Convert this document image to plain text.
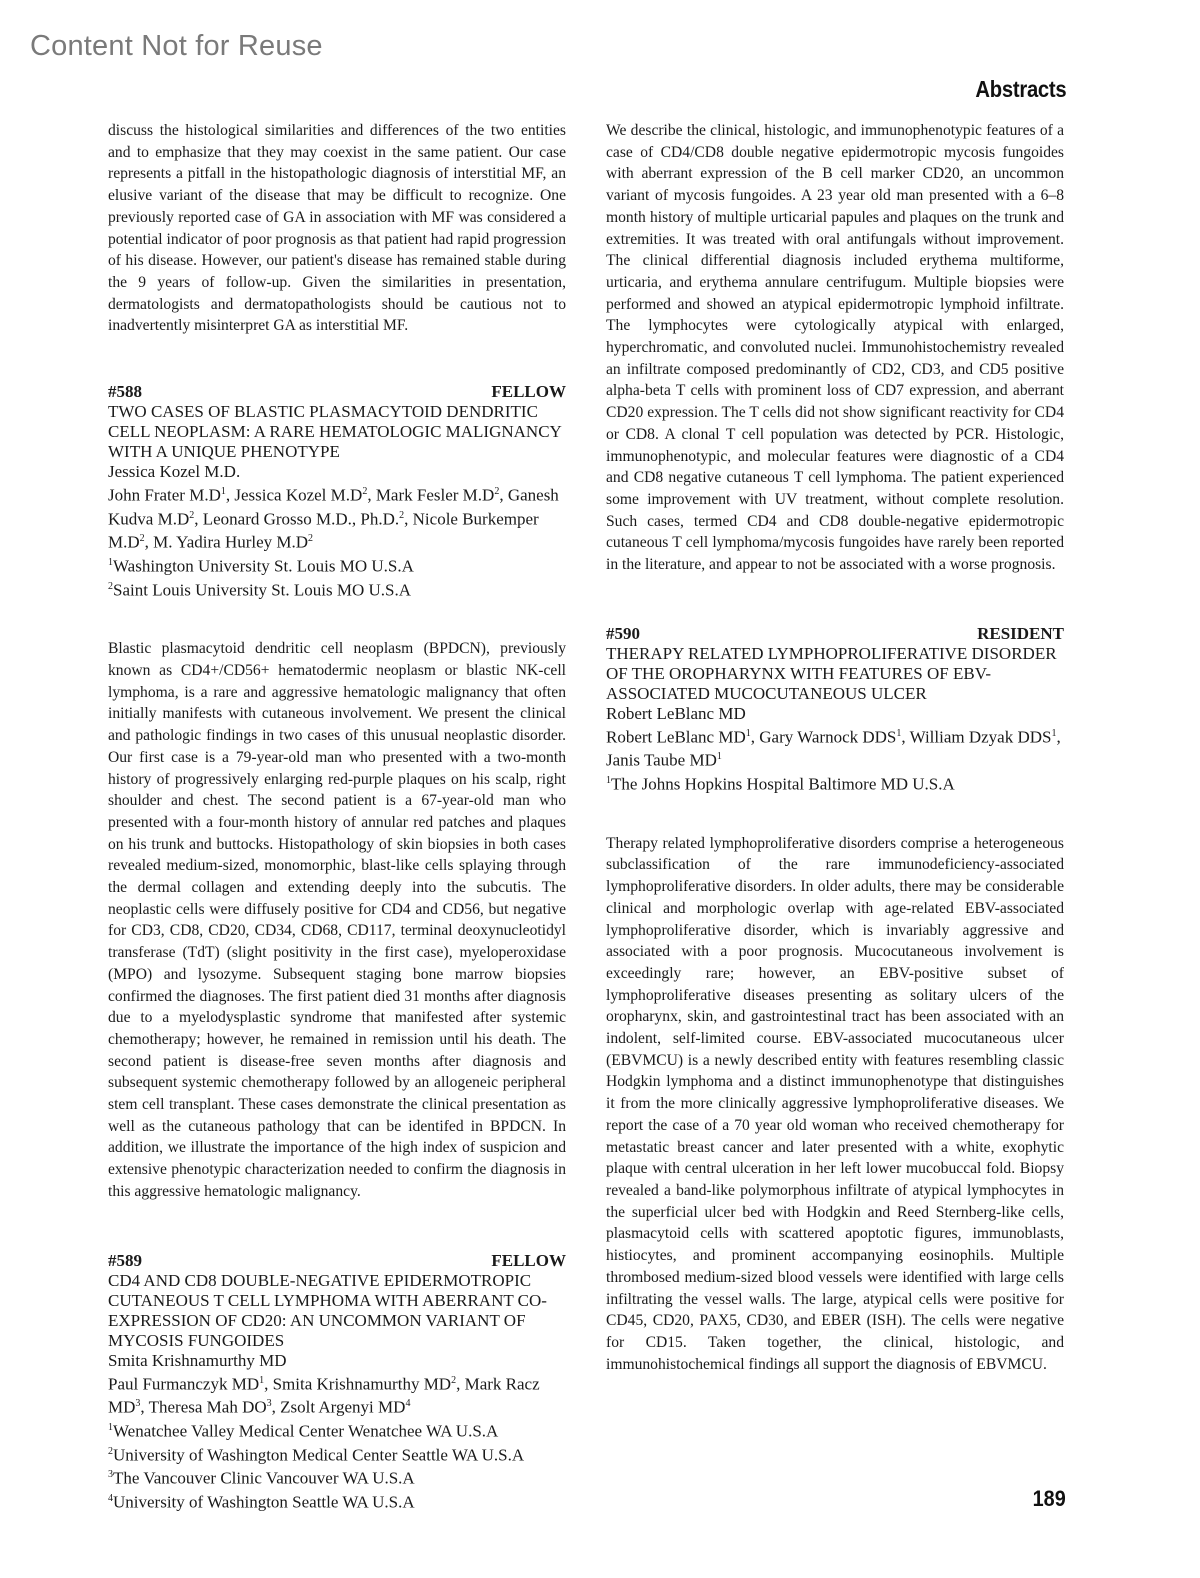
Content Not for Reuse
Abstracts

discuss the histological similarities and differences of the two entities and to emphasize that they may coexist in the same patient. Our case represents a pitfall in the histopathologic diagnosis of interstitial MF, an elusive variant of the disease that may be difficult to recognize. One previously reported case of GA in association with MF was considered a potential indicator of poor prognosis as that patient had rapid progression of his disease. However, our patient's disease has remained stable during the 9 years of follow-up. Given the similarities in presentation, dermatologists and dermatopathologists should be cautious not to inadvertently misinterpret GA as interstitial MF.

#588	FELLOW

TWO CASES OF BLASTIC PLASMACYTOID DENDRITIC CELL NEOPLASM: A RARE HEMATOLOGIC MALIGNANCY WITH A UNIQUE PHENOTYPE

Jessica Kozel M.D.

John Frater $M.D^1$, Jessica Kozel $M.D^2$, Mark Fesler $M.D^2$, Ganesh Kudva $M.D^2$, Leonard Grosso M.D., Ph.D.$^2$, Nicole Burkemper $M.D^2$, M. Yadira Hurley $M.D^2$

$^1$Washington University St. Louis MO U.S.A

$^2$Saint Louis University St. Louis MO U.S.A

Blastic plasmacytoid dendritic cell neoplasm (BPDCN), previously known as CD4+/CD56+ hematodermic neoplasm or blastic NK-cell lymphoma, is a rare and aggressive hematologic malignancy that often initially manifests with cutaneous involvement. We present the clinical and pathologic findings in two cases of this unusual neoplastic disorder. Our first case is a 79-year-old man who presented with a two-month history of progressively enlarging red-purple plaques on his scalp, right shoulder and chest. The second patient is a 67-year-old man who presented with a four-month history of annular red patches and plaques on his trunk and buttocks. Histopathology of skin biopsies in both cases revealed medium-sized, monomorphic, blast-like cells splaying through the dermal collagen and extending deeply into the subcutis. The neoplastic cells were diffusely positive for CD4 and CD56, but negative for CD3, CD8, CD20, CD34, CD68, CD117, terminal deoxynucleotidyl transferase (TdT) (slight positivity in the first case), myeloperoxidase (MPO) and lysozyme. Subsequent staging bone marrow biopsies confirmed the diagnoses. The first patient died 31 months after diagnosis due to a myelodysplastic syndrome that manifested after systemic chemotherapy; however, he remained in remission until his death. The second patient is disease-free seven months after diagnosis and subsequent systemic chemotherapy followed by an allogeneic peripheral stem cell transplant. These cases demonstrate the clinical presentation as well as the cutaneous pathology that can be identifed in BPDCN. In addition, we illustrate the importance of the high index of suspicion and extensive phenotypic characterization needed to confirm the diagnosis in this aggressive hematologic malignancy.

#589	FELLOW

CD4 AND CD8 DOUBLE-NEGATIVE EPIDERMOTROPIC CUTANEOUS T CELL LYMPHOMA WITH ABERRANT CO-EXPRESSION OF CD20: AN UNCOMMON VARIANT OF MYCOSIS FUNGOIDES

Smita Krishnamurthy MD

Paul Furmanczyk $MD^1$, Smita Krishnamurthy $MD^2$, Mark Racz $MD^3$, Theresa Mah $DO^3$, Zsolt Argenyi $MD^4$

$^1$Wenatchee Valley Medical Center Wenatchee WA U.S.A

$^2$University of Washington Medical Center Seattle WA U.S.A

$^3$The Vancouver Clinic Vancouver WA U.S.A

$^4$University of Washington Seattle WA U.S.A

We describe the clinical, histologic, and immunophenotypic features of a case of CD4/CD8 double negative epidermotropic mycosis fungoides with aberrant expression of the B cell marker CD20, an uncommon variant of mycosis fungoides. A 23 year old man presented with a 6–8 month history of multiple urticarial papules and plaques on the trunk and extremities. It was treated with oral antifungals without improvement. The clinical differential diagnosis included erythema multiforme, urticaria, and erythema annulare centrifugum. Multiple biopsies were performed and showed an atypical epidermotropic lymphoid infiltrate. The lymphocytes were cytologically atypical with enlarged, hyperchromatic, and convoluted nuclei. Immunohistochemistry revealed an infiltrate composed predominantly of CD2, CD3, and CD5 positive alpha-beta T cells with prominent loss of CD7 expression, and aberrant CD20 expression. The T cells did not show significant reactivity for CD4 or CD8. A clonal T cell population was detected by PCR. Histologic, immunophenotypic, and molecular features were diagnostic of a CD4 and CD8 negative cutaneous T cell lymphoma. The patient experienced some improvement with UV treatment, without complete resolution. Such cases, termed CD4 and CD8 double-negative epidermotropic cutaneous T cell lymphoma/mycosis fungoides have rarely been reported in the literature, and appear to not be associated with a worse prognosis.

#590	RESIDENT

THERAPY RELATED LYMPHOPROLIFERATIVE DISORDER OF THE OROPHARYNX WITH FEATURES OF EBV-ASSOCIATED MUCOCUTANEOUS ULCER

Robert LeBlanc MD

Robert LeBlanc $MD^1$, Gary Warnock DDS$^1$, William Dzyak DDS$^1$, Janis Taube $MD^1$

$^1$The Johns Hopkins Hospital Baltimore MD U.S.A

Therapy related lymphoproliferative disorders comprise a heterogeneous subclassification of the rare immunodeficiency-associated lymphoproliferative disorders. In older adults, there may be considerable clinical and morphologic overlap with age-related EBV-associated lymphoproliferative disorder, which is invariably aggressive and associated with a poor prognosis. Mucocutaneous involvement is exceedingly rare; however, an EBV-positive subset of lymphoproliferative diseases presenting as solitary ulcers of the oropharynx, skin, and gastrointestinal tract has been associated with an indolent, self-limited course. EBV-associated mucocutaneous ulcer (EBVMCU) is a newly described entity with features resembling classic Hodgkin lymphoma and a distinct immunophenotype that distinguishes it from the more clinically aggressive lymphoproliferative diseases. We report the case of a 70 year old woman who received chemotherapy for metastatic breast cancer and later presented with a white, exophytic plaque with central ulceration in her left lower mucobuccal fold. Biopsy revealed a band-like polymorphous infiltrate of atypical lymphocytes in the superficial ulcer bed with Hodgkin and Reed Sternberg-like cells, plasmacytoid cells with scattered apoptotic figures, immunoblasts, histiocytes, and prominent accompanying eosinophils. Multiple thrombosed medium-sized blood vessels were identified with large cells infiltrating the vessel walls. The large, atypical cells were positive for CD45, CD20, PAX5, CD30, and EBER (ISH). The cells were negative for CD15. Taken together, the clinical, histologic, and immunohistochemical findings all support the diagnosis of EBVMCU.

189
